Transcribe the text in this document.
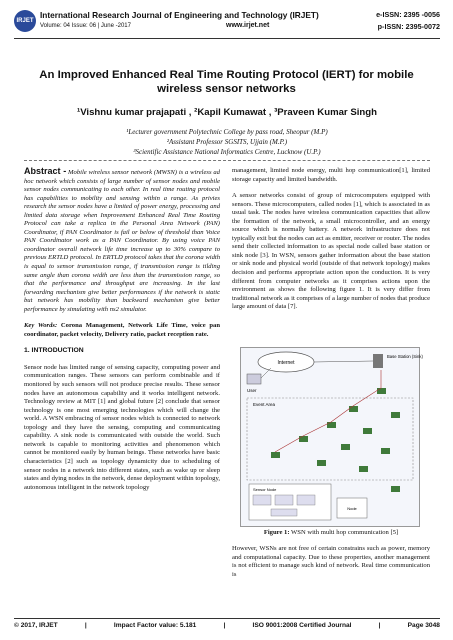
IRJET
International Research Journal of Engineering and Technology (IRJET)	e-ISSN: 2395 -0056
Volume: 04 Issue: 06 | June -2017	www.irjet.net	p-ISSN: 2395-0072
An Improved Enhanced Real Time Routing Protocol (IERT) for mobile
wireless sensor networks
¹Vishnu kumar prajapati , ²Kapil Kumawat , ³Praveen Kumar Singh
¹Lecturer government Polytechnic College by pass road, Sheopur (M.P)
²Assistant Professor SGSITS, Ujjain (M.P.)
³Scientific Assistance National Informatics Centre, Lucknow (U.P.)

Abstract - Mobile wireless sensor network (MWSN) is a wireless ad hoc network which consists of large number of sensor nodes and mobile sensor nodes communicating to each other. In real time routing protocol has capabilities to mobility and sensing within a range. As privies research the sensor nodes have a limited of power energy, processing and limited data storage when Improvement Enhanced Real Time Routing Protocol can take a replica in the Personal Area Network (PAN) Coordinator, if PAN Coordinator is fail or below of threshold than Voice PAN Coordinator work as a PAN Coordinator. By using voice PAN coordinator overall network life time increase up to 30% compare to previous ERTLD protocol. In ERTLD protocol takes that the corona width is equal to sensor transmission range, if transmission range is tilding same angle than corona width are less than the transmission range, so that the performance and throughput are increasing. In the last forwarding mechanism give better performances if the network is static but network has mobility than backward mechanism give better performance by simulating with ns2 simulator.

Key Words: Corona Management, Network Life Time, voice pan coordinator, packet velocity, Delivery ratio, packet reception rate.

1. INTRODUCTION

Sensor node has limited range of sensing capacity, computing power and communication ranges. These sensors can perform combinable and if monitored by such sensors will not produce precise results. These sensor nodes have an autonomous capability and it works intelligent network. Technology review at MIT [1] and global future [2] conclude that sensor technology is one most emerging technologies which will change the world. A WSN embracing of sensor nodes which is connected to network topology and they have the sensing, computing and communicating capability. A sink node is communicated with outside the world. Such network is capable to monitoring activities and phenomenon which cannot be monitored easily by human beings. These networks have basic characteristics [2] such as topology dynamicity due to scheduling of sensor nodes in a network into different states, such as wake up or sleep states and dying nodes in the network, dense deployment within topology, autonomous intelligent in the network topology

management, limited node energy, multi hop communication[1], limited storage capacity and limited bandwidth.

A sensor networks consist of group of microcomputers equipped with sensors. These microcomputers, called nodes [1], which is associated in as usual task. The nodes have wireless communication capacities that allow the formation of the network, a small microcontroller, and an energy source which is normally battery. A network infrastructure does not typically exit but the nodes can act as emitter, receiver or router. The nodes send their collected information to as special node called base station or sink node [3]. In WSN, sensors gather information about the base station or sink node and physical world (outside of that network topology) makes decision and performs appropriate action upon the conduction. It is very different from computer networks as it comprises actions upon the environment as shows the following figure 1. It is very differ from traditional network as it comprises of a large number of nodes that produce large amount of data [7].

Internet
Base Station (Sink)
User
Event Area
Sensor Node
Node
Figure 1: WSN with multi hop communication [5]

However, WSNs are not free of certain constrains such as power, memory and computational capacity. Due to these properties, another management is not efficient to manage such kind of network. Real time communication is

© 2017, IRJET	|	Impact Factor value: 5.181	|	ISO 9001:2008 Certified Journal	|	Page 3048
